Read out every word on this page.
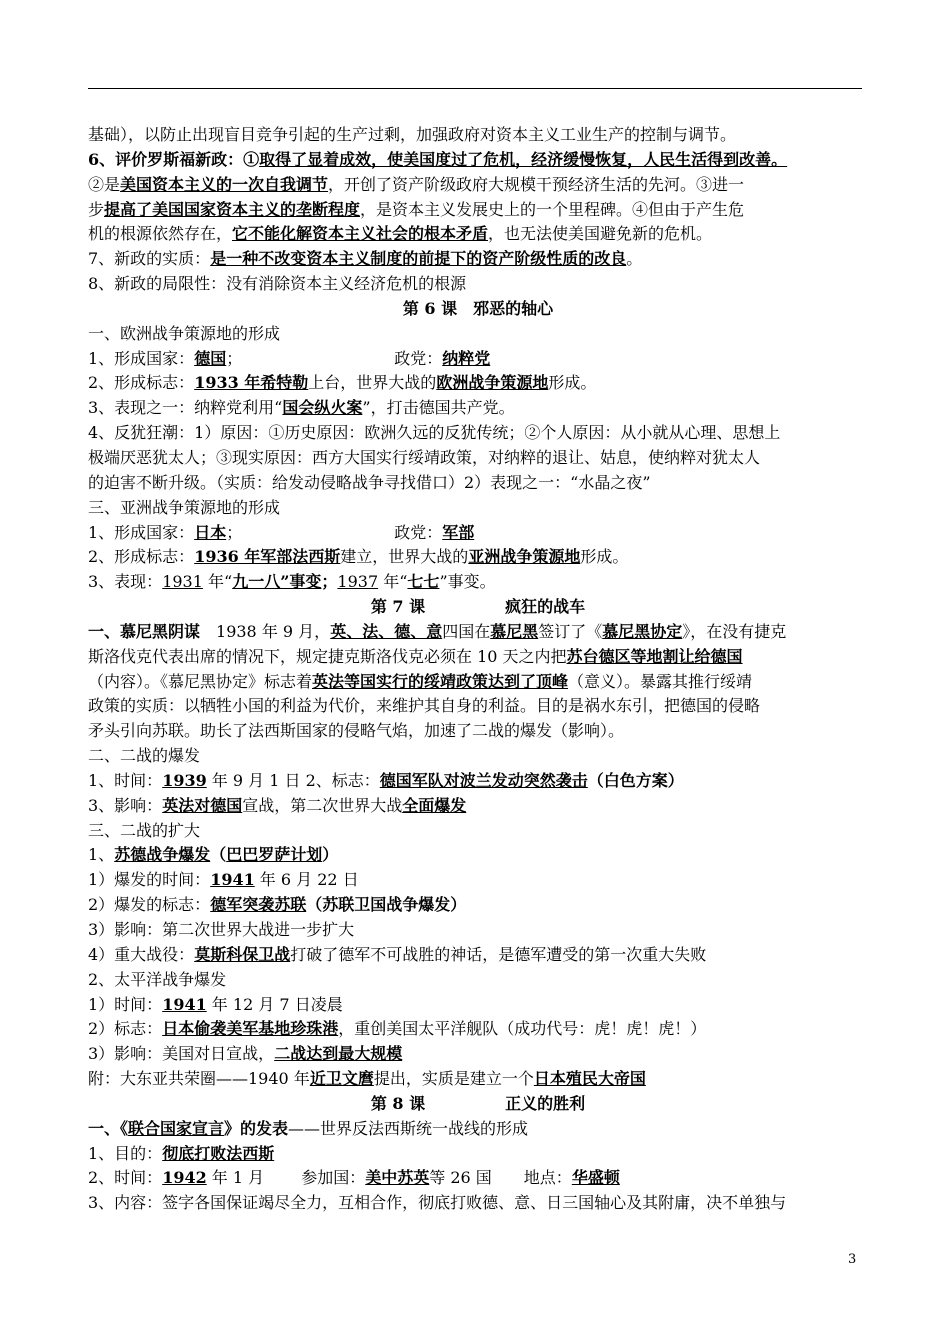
基础），以防止出现盲目竞争引起的生产过剩，加强政府对资本主义工业生产的控制与调节。
6、评价罗斯福新政：①取得了显着成效，使美国度过了危机，经济缓慢恢复，人民生活得到改善。
②是美国资本主义的一次自我调节，开创了资产阶级政府大规模干预经济生活的先河。③进一
步提高了美国国家资本主义的垄断程度，是资本主义发展史上的一个里程碑。④但由于产生危
机的根源依然存在，它不能化解资本主义社会的根本矛盾，也无法使美国避免新的危机。
7、新政的实质：是一种不改变资本主义制度的前提下的资产阶级性质的改良。
8、新政的局限性：没有消除资本主义经济危机的根源
第 6 课　邪恶的轴心
一、欧洲战争策源地的形成
1、形成国家：德国；　　　　　　　　　　政党：纳粹党
2、形成标志：1933 年希特勒上台，世界大战的欧洲战争策源地形成。
3、表现之一：纳粹党利用“国会纵火案”，打击德国共产党。
4、反犹狂潮：1）原因：①历史原因：欧洲久远的反犹传统；②个人原因：从小就从心理、思想上
极端厌恶犹太人；③现实原因：西方大国实行绥靖政策，对纳粹的退让、姑息，使纳粹对犹太人
的迫害不断升级。（实质：给发动侵略战争寻找借口）2）表现之一：“水晶之夜”
三、亚洲战争策源地的形成
1、形成国家：日本；　　　　　　　　　　政党：军部
2、形成标志：1936 年军部法西斯建立，世界大战的亚洲战争策源地形成。
3、表现：1931 年“九一八”事变；1937 年“七七”事变。
第 7 课　　　　　疯狂的战车
一、慕尼黑阴谋　1938 年 9 月，英、法、德、意四国在慕尼黑签订了《慕尼黑协定》，在没有捷克
斯洛伐克代表出席的情况下，规定捷克斯洛伐克必须在 10 天之内把苏台德区等地割让给德国
（内容）。《慕尼黑协定》标志着英法等国实行的绥靖政策达到了顶峰（意义）。暴露其推行绥靖
政策的实质：以牺牲小国的利益为代价，来维护其自身的利益。目的是祸水东引，把德国的侵略
矛头引向苏联。助长了法西斯国家的侵略气焰，加速了二战的爆发（影响）。
二、二战的爆发
1、时间：1939 年 9 月 1 日 2、标志：德国军队对波兰发动突然袭击（白色方案）
3、影响：英法对德国宣战，第二次世界大战全面爆发
三、二战的扩大
1、苏德战争爆发（巴巴罗萨计划）
1）爆发的时间：1941 年 6 月 22 日
2）爆发的标志：德军突袭苏联（苏联卫国战争爆发）
3）影响：第二次世界大战进一步扩大
4）重大战役：莫斯科保卫战打破了德军不可战胜的神话，是德军遭受的第一次重大失败
2、太平洋战争爆发
1）时间：1941 年 12 月 7 日凌晨
2）标志：日本偷袭美军基地珍珠港，重创美国太平洋舰队（成功代号：虎！虎！虎！）
3）影响：美国对日宣战，二战达到最大规模
附：大东亚共荣圈——1940 年近卫文麿提出，实质是建立一个日本殖民大帝国
第 8 课　　　　　正义的胜利
一、《联合国家宣言》的发表——世界反法西斯统一战线的形成
1、目的：彻底打败法西斯
2、时间：1942 年 1 月　　 参加国：美中苏英等 26 国　　地点：华盛顿
3、内容：签字各国保证竭尽全力，互相合作，彻底打败德、意、日三国轴心及其附庸，决不单独与
3
